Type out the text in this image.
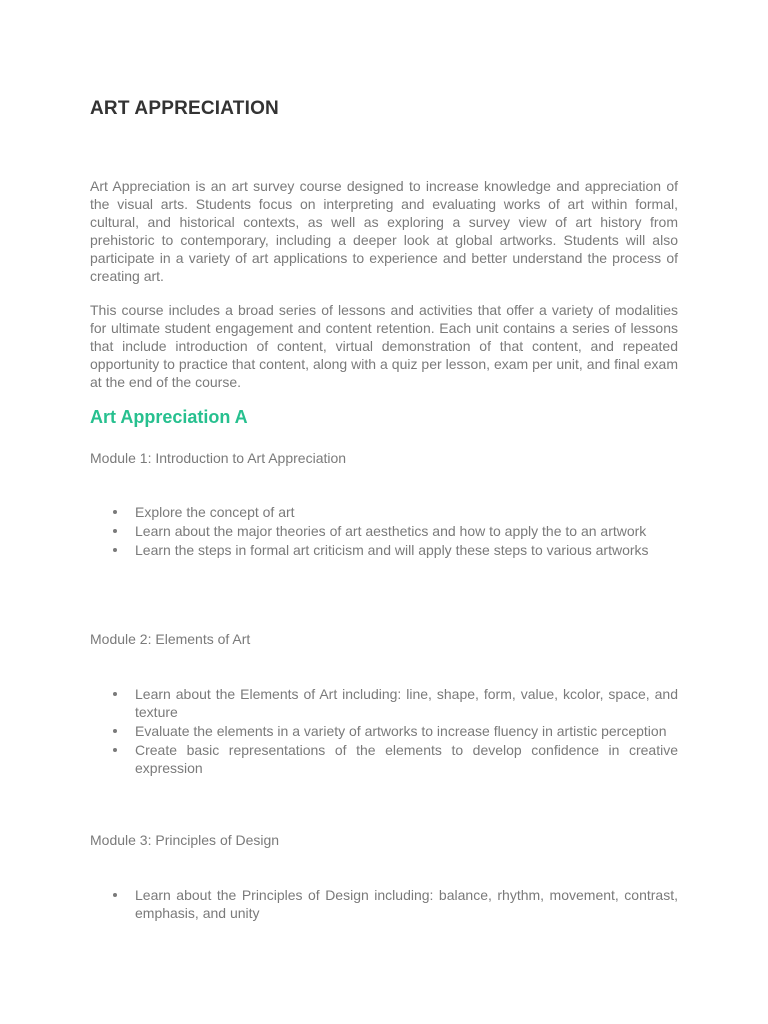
ART APPRECIATION

Art Appreciation is an art survey course designed to increase knowledge and appreciation of the visual arts. Students focus on interpreting and evaluating works of art within formal, cultural, and historical contexts, as well as exploring a survey view of art history from prehistoric to contemporary, including a deeper look at global artworks. Students will also participate in a variety of art applications to experience and better understand the process of creating art.

This course includes a broad series of lessons and activities that offer a variety of modalities for ultimate student engagement and content retention. Each unit contains a series of lessons that include introduction of content, virtual demonstration of that content, and repeated opportunity to practice that content, along with a quiz per lesson, exam per unit, and final exam at the end of the course.

Art Appreciation A
Module 1: Introduction to Art Appreciation
Explore the concept of art
Learn about the major theories of art aesthetics and how to apply the to an artwork
Learn the steps in formal art criticism and will apply these steps to various artworks
Module 2: Elements of Art
Learn about the Elements of Art including: line, shape, form, value, kcolor, space, and texture
Evaluate the elements in a variety of artworks to increase fluency in artistic perception
Create basic representations of the elements to develop confidence in creative expression
Module 3: Principles of Design
Learn about the Principles of Design including: balance, rhythm, movement, contrast, emphasis, and unity
